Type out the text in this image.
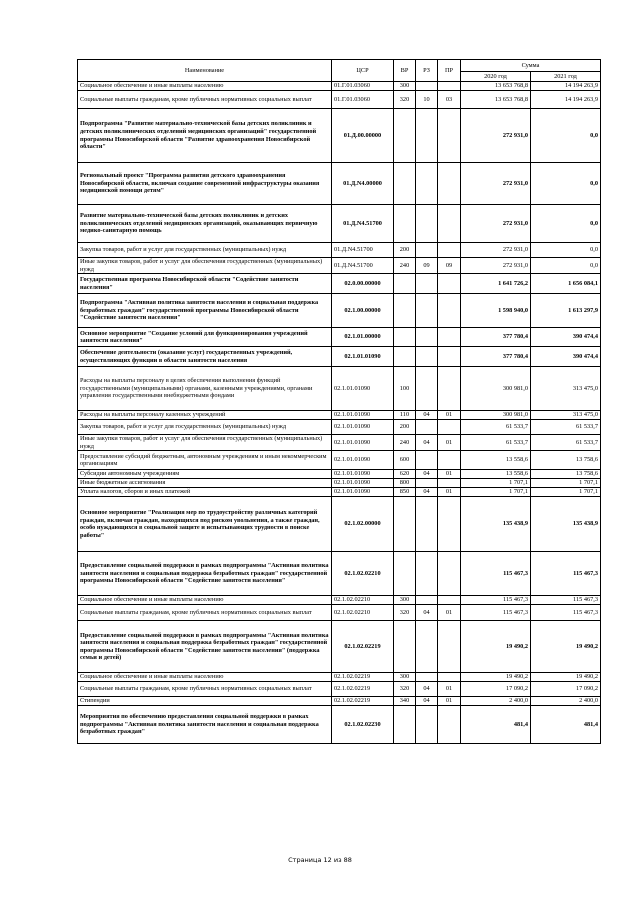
Наименование	ЦСР	ВР	РЗ	ПР	Сумма	
					2020 год	2021 год
Социальное обеспечение и иные выплаты населению	01.Г.01.03060	300			13 653 768,8	14 194 263,9
Социальные выплаты гражданам, кроме публичных нормативных социальных выплат	01.Г.01.03060	320	10	03	13 653 768,8	14 194 263,9
Подпрограмма "Развитие материально-технической базы детских поликлиник и детских поликлинических отделений медицинских организаций" государственной программы Новосибирской области "Развитие здравоохранения Новосибирской области"	01.Д.00.00000				272 931,0	0,0
Региональный проект "Программа развития детского здравоохранения Новосибирской области, включая создание современной инфраструктуры оказания медицинской помощи детям"	01.Д.N4.00000				272 931,0	0,0
Развитие материально-технической базы детских поликлиник и детских поликлинических отделений медицинских организаций, оказывающих первичную медико-санитарную помощь	01.Д.N4.51700				272 931,0	0,0
Закупка товаров, работ и услуг для государственных (муниципальных) нужд	01.Д.N4.51700	200			272 931,0	0,0
Иные закупки товаров, работ и услуг для обеспечения государственных (муниципальных) нужд	01.Д.N4.51700	240	09	09	272 931,0	0,0
Государственная программа Новосибирской области "Содействие занятости населения"	02.0.00.00000				1 641 726,2	1 656 084,1
Подпрограмма "Активная политика занятости населения и социальная поддержка безработных граждан" государственной программы Новосибирской области "Содействие занятости населения"	02.1.00.00000				1 598 940,0	1 613 297,9
Основное мероприятие "Создание условий для функционирования учреждений занятости населения"	02.1.01.00000				377 780,4	390 474,4
Обеспечение деятельности (оказание услуг) государственных учреждений, осуществляющих функции в области занятости населения	02.1.01.01090				377 780,4	390 474,4
Расходы на выплаты персоналу в целях обеспечения выполнения функций государственными (муниципальными) органами, казенными учреждениями, органами управления государственными внебюджетными фондами	02.1.01.01090	100			300 981,0	313 475,0
Расходы на выплаты персоналу казенных учреждений	02.1.01.01090	110	04	01	300 981,0	313 475,0
Закупка товаров, работ и услуг для государственных (муниципальных) нужд	02.1.01.01090	200			61 533,7	61 533,7
Иные закупки товаров, работ и услуг для обеспечения государственных (муниципальных) нужд	02.1.01.01090	240	04	01	61 533,7	61 533,7
Предоставление субсидий бюджетным, автономным учреждениям и иным некоммерческим организациям	02.1.01.01090	600			13 558,6	13 758,6
Субсидии автономным учреждениям	02.1.01.01090	620	04	01	13 558,6	13 758,6
Иные бюджетные ассигнования	02.1.01.01090	800			1 707,1	1 707,1
Уплата налогов, сборов и иных платежей	02.1.01.01090	850	04	01	1 707,1	1 707,1
Основное мероприятие "Реализация мер по трудоустройству различных категорий граждан, включая граждан, находящихся под риском увольнения, а также граждан, особо нуждающихся в социальной защите и испытывающих трудности в поиске работы"	02.1.02.00000				135 438,9	135 438,9
Предоставление социальной поддержки в рамках подпрограммы "Активная политика занятости населения и социальная поддержка безработных граждан" государственной программы Новосибирской области "Содействие занятости населения"	02.1.02.02210				115 467,3	115 467,3
Социальное обеспечение и иные выплаты населению	02.1.02.02210	300			115 467,3	115 467,3
Социальные выплаты гражданам, кроме публичных нормативных социальных выплат	02.1.02.02210	320	04	01	115 467,3	115 467,3
Предоставление социальной поддержки в рамках подпрограммы "Активная политика занятости населения и социальная поддержка безработных граждан" государственной программы Новосибирской области "Содействие занятости населения" (поддержка семьи и детей)	02.1.02.02219				19 490,2	19 490,2
Социальное обеспечение и иные выплаты населению	02.1.02.02219	300			19 490,2	19 490,2
Социальные выплаты гражданам, кроме публичных нормативных социальных выплат	02.1.02.02219	320	04	01	17 090,2	17 090,2
Стипендии	02.1.02.02219	340	04	01	2 400,0	2 400,0
Мероприятия по обеспечению предоставления социальной поддержки в рамках подпрограммы "Активная политика занятости населения и социальная поддержка безработных граждан"	02.1.02.02230				481,4	481,4
Страница 12 из 88
